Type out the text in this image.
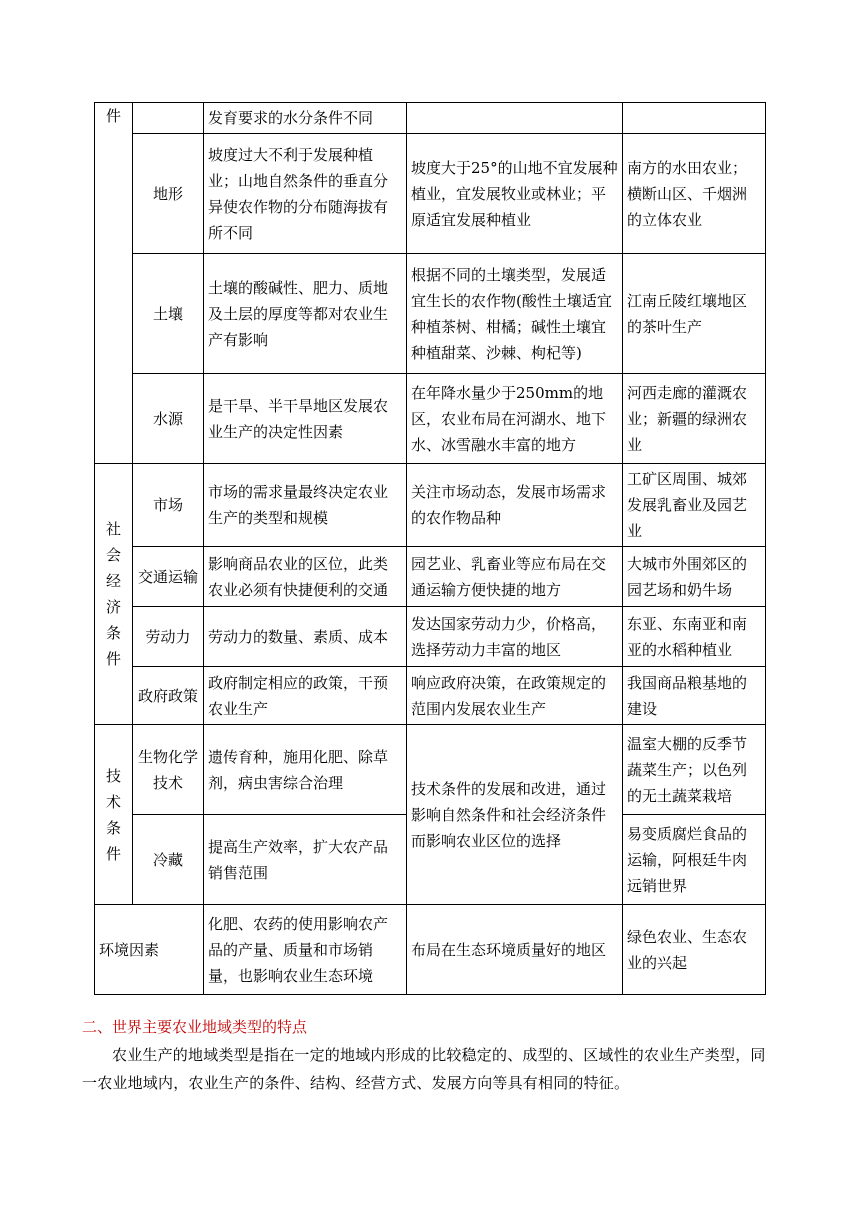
件		发育要求的水分条件不同		
	地形	坡度过大不利于发展种植业；山地自然条件的垂直分异使农作物的分布随海拔有所不同	坡度大于25°的山地不宜发展种植业，宜发展牧业或林业；平原适宜发展种植业	南方的水田农业；横断山区、千烟洲的立体农业
	土壤	土壤的酸碱性、肥力、质地及土层的厚度等都对农业生产有影响	根据不同的土壤类型，发展适宜生长的农作物(酸性土壤适宜种植茶树、柑橘；碱性土壤宜种植甜菜、沙棘、枸杞等)	江南丘陵红壤地区的茶叶生产
	水源	是干旱、半干旱地区发展农业生产的决定性因素	在年降水量少于250mm的地区，农业布局在河湖水、地下水、冰雪融水丰富的地方	河西走廊的灌溉农业；新疆的绿洲农业
社会经济条件	市场	市场的需求量最终决定农业生产的类型和规模	关注市场动态，发展市场需求的农作物品种	工矿区周围、城郊发展乳畜业及园艺业
	交通运输	影响商品农业的区位，此类农业必须有快捷便利的交通	园艺业、乳畜业等应布局在交通运输方便快捷的地方	大城市外围郊区的园艺场和奶牛场
	劳动力	劳动力的数量、素质、成本	发达国家劳动力少，价格高，选择劳动力丰富的地区	东亚、东南亚和南亚的水稻种植业
	政府政策	政府制定相应的政策，干预农业生产	响应政府决策，在政策规定的范围内发展农业生产	我国商品粮基地的建设
技术条件	生物化学技术	遗传育种，施用化肥、除草剂，病虫害综合治理	技术条件的发展和改进，通过影响自然条件和社会经济条件而影响农业区位的选择	温室大棚的反季节蔬菜生产；以色列的无土蔬菜栽培
	冷藏	提高生产效率，扩大农产品销售范围		易变质腐烂食品的运输，阿根廷牛肉远销世界
环境因素		化肥、农药的使用影响农产品的产量、质量和市场销量，也影响农业生态环境	布局在生态环境质量好的地区	绿色农业、生态农业的兴起
二、世界主要农业地域类型的特点
农业生产的地域类型是指在一定的地域内形成的比较稳定的、成型的、区域性的农业生产类型，同一农业地域内，农业生产的条件、结构、经营方式、发展方向等具有相同的特征。
